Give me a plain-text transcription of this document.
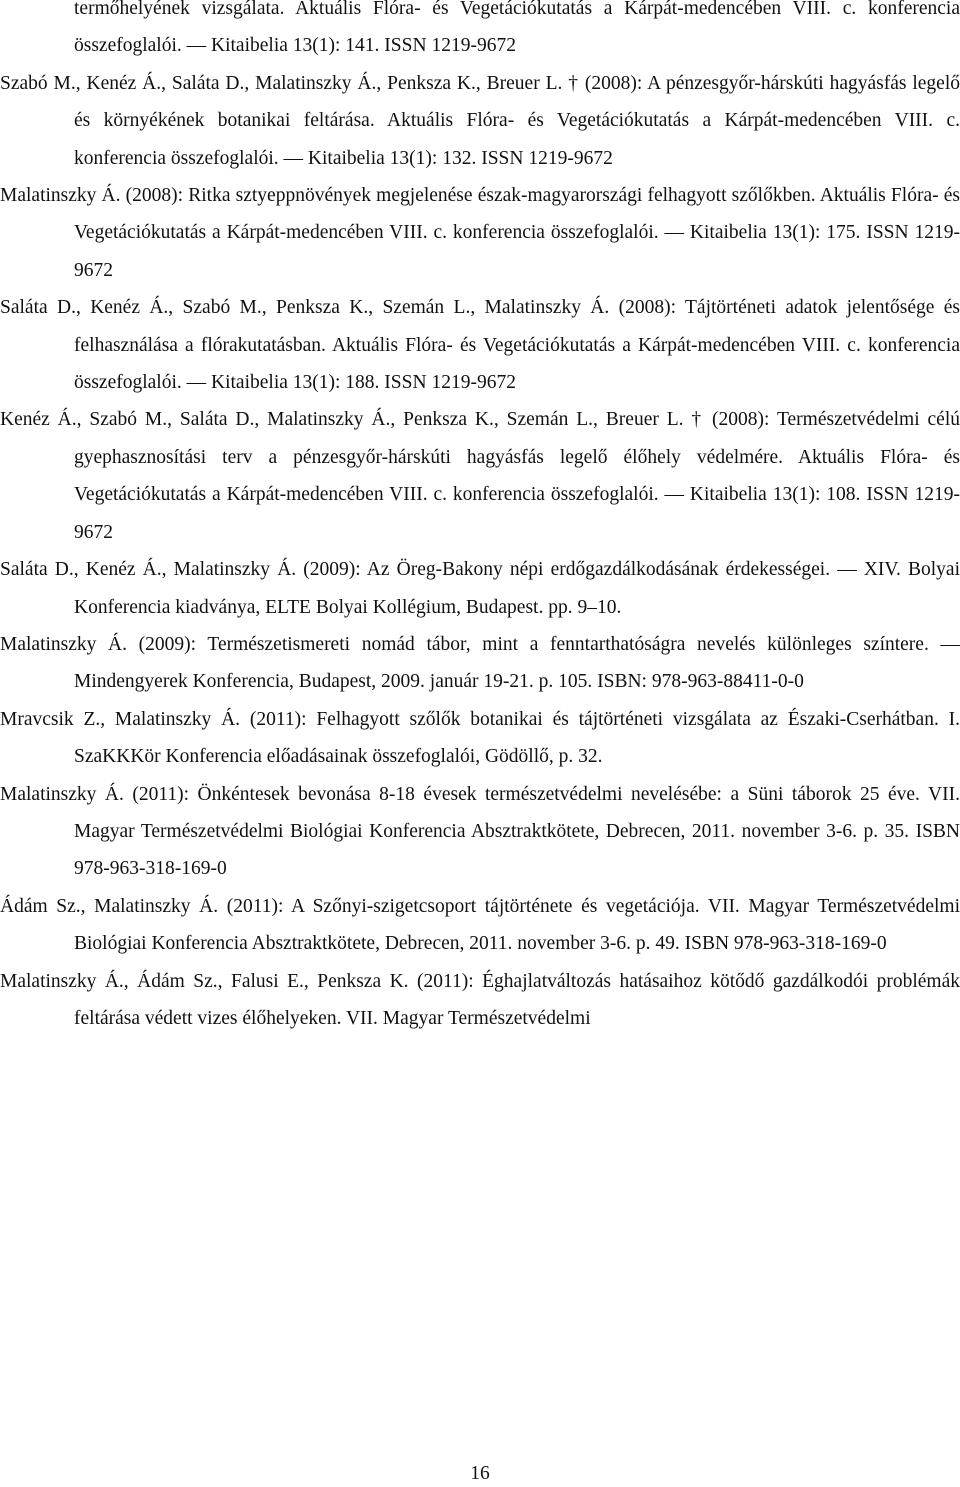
termőhelyének vizsgálata. Aktuális Flóra- és Vegetációkutatás a Kárpát-medencében VIII. c. konferencia összefoglalói. — Kitaibelia 13(1): 141. ISSN 1219-9672

Szabó M., Kenéz Á., Saláta D., Malatinszky Á., Penksza K., Breuer L. † (2008): A pénzesgyőr-hárskúti hagyásfás legelő és környékének botanikai feltárása. Aktuális Flóra- és Vegetációkutatás a Kárpát-medencében VIII. c. konferencia összefoglalói. — Kitaibelia 13(1): 132. ISSN 1219-9672

Malatinszky Á. (2008): Ritka sztyeppnövények megjelenése észak-magyarországi felhagyott szőlőkben. Aktuális Flóra- és Vegetációkutatás a Kárpát-medencében VIII. c. konferencia összefoglalói. — Kitaibelia 13(1): 175. ISSN 1219-9672

Saláta D., Kenéz Á., Szabó M., Penksza K., Szemán L., Malatinszky Á. (2008): Tájtörténeti adatok jelentősége és felhasználása a flórakutatásban. Aktuális Flóra- és Vegetációkutatás a Kárpát-medencében VIII. c. konferencia összefoglalói. — Kitaibelia 13(1): 188. ISSN 1219-9672

Kenéz Á., Szabó M., Saláta D., Malatinszky Á., Penksza K., Szemán L., Breuer L. † (2008): Természetvédelmi célú gyephasznosítási terv a pénzesgyőr-hárskúti hagyásfás legelő élőhely védelmére. Aktuális Flóra- és Vegetációkutatás a Kárpát-medencében VIII. c. konferencia összefoglalói. — Kitaibelia 13(1): 108. ISSN 1219-9672

Saláta D., Kenéz Á., Malatinszky Á. (2009): Az Öreg-Bakony népi erdőgazdálkodásának érdekességei. — XIV. Bolyai Konferencia kiadványa, ELTE Bolyai Kollégium, Budapest. pp. 9–10.

Malatinszky Á. (2009): Természetismereti nomád tábor, mint a fenntarthatóságra nevelés különleges színtere. — Mindengyerek Konferencia, Budapest, 2009. január 19-21. p. 105. ISBN: 978-963-88411-0-0

Mravcsik Z., Malatinszky Á. (2011): Felhagyott szőlők botanikai és tájtörténeti vizsgálata az Északi-Cserhátban. I. SzaKKKör Konferencia előadásainak összefoglalói, Gödöllő, p. 32.

Malatinszky Á. (2011): Önkéntesek bevonása 8-18 évesek természetvédelmi nevelésébe: a Süni táborok 25 éve. VII. Magyar Természetvédelmi Biológiai Konferencia Absztraktkötete, Debrecen, 2011. november 3-6. p. 35. ISBN 978-963-318-169-0

Ádám Sz., Malatinszky Á. (2011): A Szőnyi-szigetcsoport tájtörténete és vegetációja. VII. Magyar Természetvédelmi Biológiai Konferencia Absztraktkötete, Debrecen, 2011. november 3-6. p. 49. ISBN 978-963-318-169-0

Malatinszky Á., Ádám Sz., Falusi E., Penksza K. (2011): Éghajlatváltozás hatásaihoz kötődő gazdálkodói problémák feltárása védett vizes élőhelyeken. VII. Magyar Természetvédelmi

16
